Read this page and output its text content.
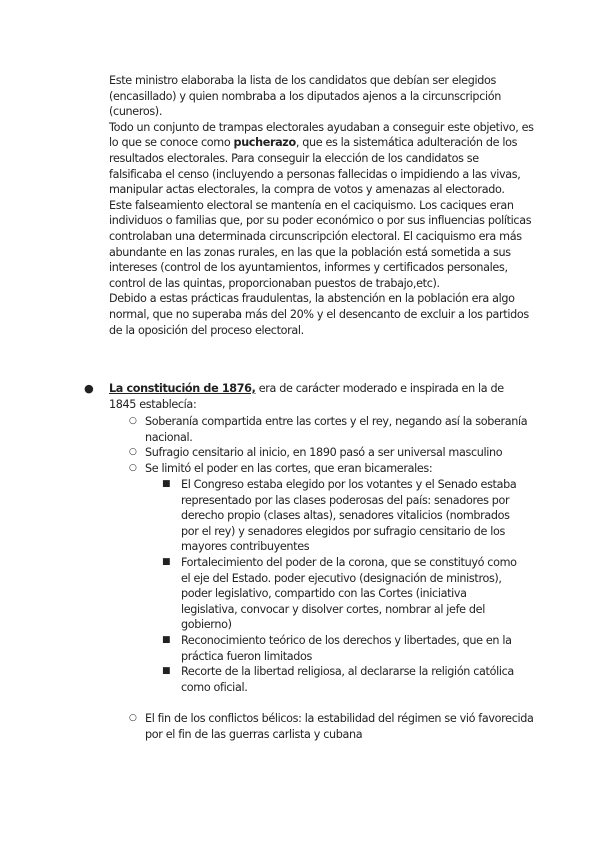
Este ministro elaboraba la lista de los candidatos que debían ser elegidos (encasillado) y quien nombraba a los diputados ajenos a la circunscripción (cuneros).

Todo un conjunto de trampas electorales ayudaban a conseguir este objetivo, es lo que se conoce como pucherazo, que es la sistemática adulteración de los resultados electorales. Para conseguir la elección de los candidatos se falsificaba el censo (incluyendo a personas fallecidas o impidiendo a las vivas, manipular actas electorales, la compra de votos y amenazas al electorado.

Este falseamiento electoral se mantenía en el caciquismo. Los caciques eran individuos o familias que, por su poder económico o por sus influencias políticas controlaban una determinada circunscripción electoral. El caciquismo era más abundante en las zonas rurales, en las que la población está sometida a sus intereses (control de los ayuntamientos, informes y certificados personales, control de las quintas, proporcionaban puestos de trabajo,etc).

Debido a estas prácticas fraudulentas, la abstención en la población era algo normal, que no superaba más del 20% y el desencanto de excluir a los partidos de la oposición del proceso electoral.

● La constitución de 1876, era de carácter moderado e inspirada en la de 1845 establecía:
○ Soberanía compartida entre las cortes y el rey, negando así la soberanía nacional.
○ Sufragio censitario al inicio, en 1890 pasó a ser universal masculino
○ Se limitó el poder en las cortes, que eran bicamerales:
■ El Congreso estaba elegido por los votantes y el Senado estaba representado por las clases poderosas del país: senadores por derecho propio (clases altas), senadores vitalicios (nombrados por el rey) y senadores elegidos por sufragio censitario de los mayores contribuyentes
■ Fortalecimiento del poder de la corona, que se constituyó como el eje del Estado. poder ejecutivo (designación de ministros), poder legislativo, compartido con las Cortes (iniciativa legislativa, convocar y disolver cortes, nombrar al jefe del gobierno)
■ Reconocimiento teórico de los derechos y libertades, que en la práctica fueron limitados
■ Recorte de la libertad religiosa, al declararse la religión católica como oficial.
○ El fin de los conflictos bélicos: la estabilidad del régimen se vió favorecida por el fin de las guerras carlista y cubana
